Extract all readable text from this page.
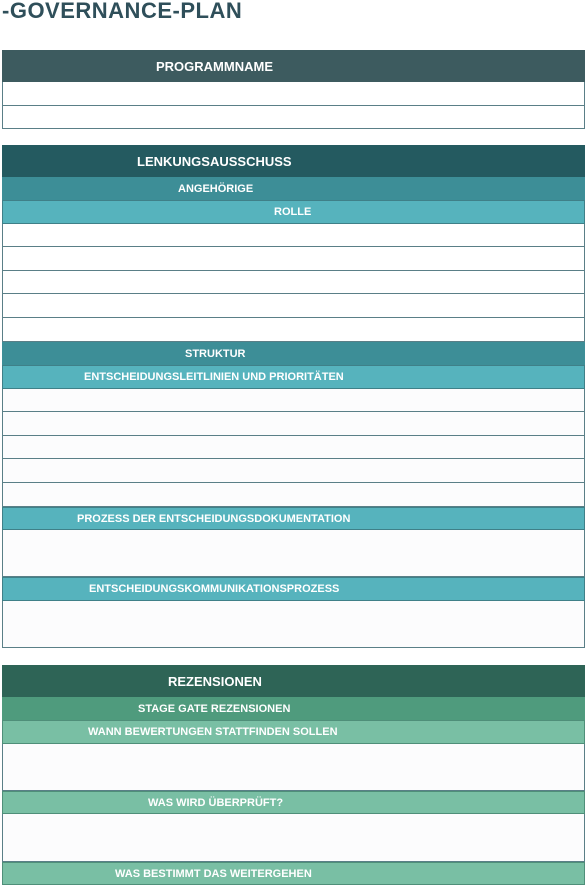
-GOVERNANCE-PLAN
PROGRAMMNAME
LENKUNGSAUSSCHUSS
ANGEHÖRIGE
ROLLE
STRUKTUR
ENTSCHEIDUNGSLEITLINIEN UND PRIORITÄTEN
PROZESS DER ENTSCHEIDUNGSDOKUMENTATION
ENTSCHEIDUNGSKOMMUNIKATIONSPROZESS
REZENSIONEN
STAGE GATE REZENSIONEN
WANN BEWERTUNGEN STATTFINDEN SOLLEN
WAS WIRD ÜBERPRÜFT?
WAS BESTIMMT DAS WEITERGEHEN
